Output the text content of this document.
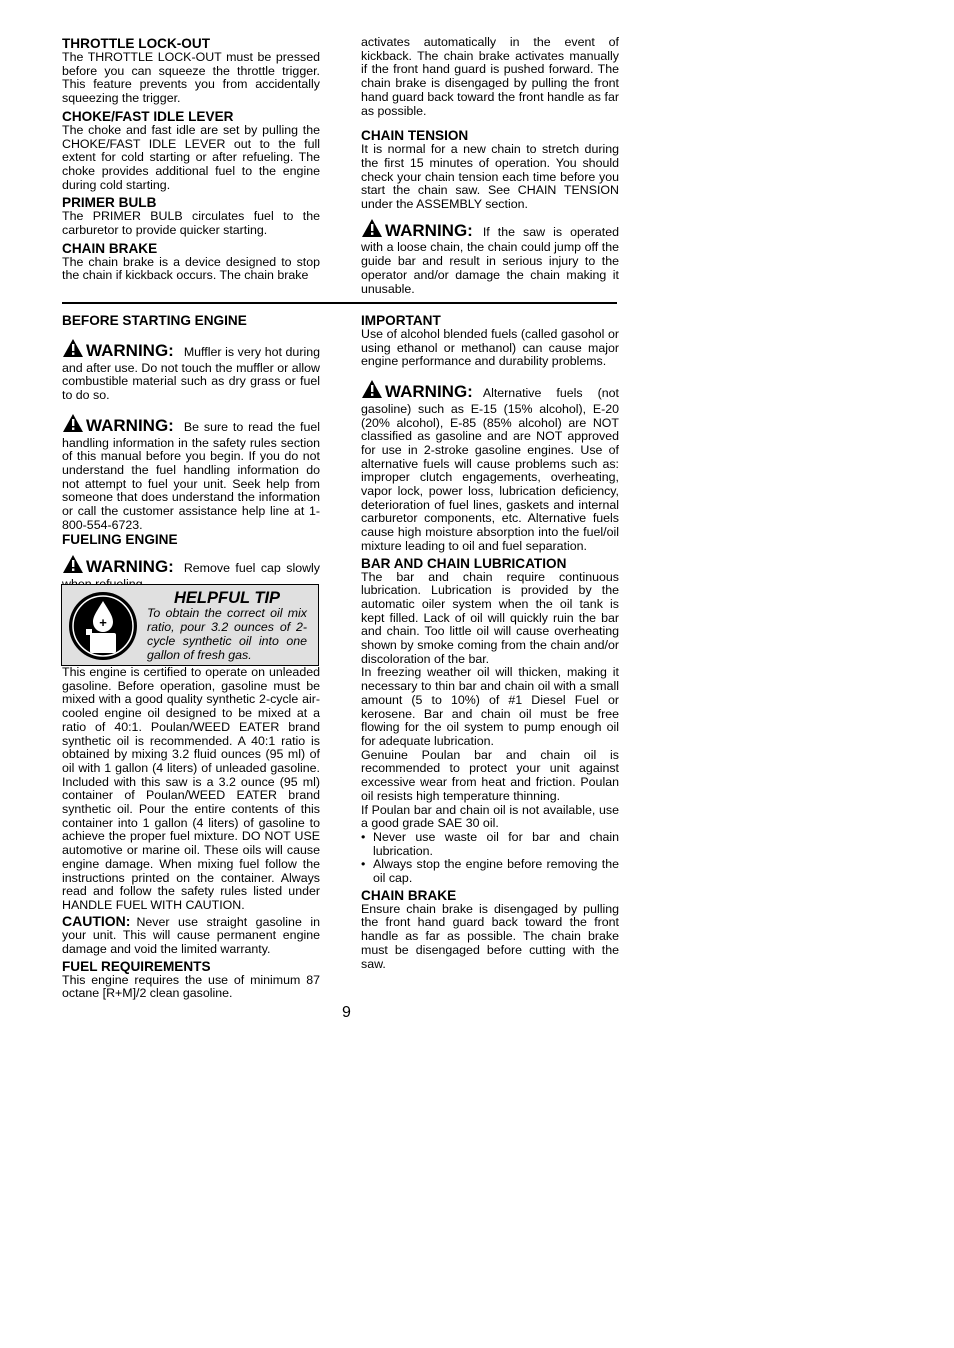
THROTTLE LOCK-OUT

The THROTTLE LOCK-OUT must be pressed before you can squeeze the throttle trigger. This feature prevents you from accidentally squeezing the trigger.

CHOKE/FAST IDLE LEVER

The choke and fast idle are set by pulling the CHOKE/FAST IDLE LEVER out to the full extent for cold starting or after refueling. The choke provides additional fuel to the engine during cold starting.

PRIMER BULB

The PRIMER BULB circulates fuel to the carburetor to provide quicker starting.

CHAIN BRAKE

The chain brake is a device designed to stop the chain if kickback occurs. The chain brake

activates automatically in the event of kickback. The chain brake activates manually if the front hand guard is pushed forward. The chain brake is disengaged by pulling the front hand guard back toward the front handle as far as possible.

CHAIN TENSION

It is normal for a new chain to stretch during the first 15 minutes of operation. You should check your chain tension each time before you start the chain saw. See CHAIN TENSION under the ASSEMBLY section.

WARNING: If the saw is operated with a loose chain, the chain could jump off the guide bar and result in serious injury to the operator and/or damage the chain making it unusable.

BEFORE STARTING ENGINE

WARNING: Muffler is very hot during and after use. Do not touch the muffler or allow combustible material such as dry grass or fuel to do so.

WARNING: Be sure to read the fuel handling information in the safety rules section of this manual before you begin. If you do not understand the fuel handling information do not attempt to fuel your unit. Seek help from someone that does understand the information or call the customer assistance help line at 1-800-554-6723.

FUELING ENGINE

WARNING: Remove fuel cap slowly

+
HELPFUL TIP
To obtain the correct oil mix ratio, pour 3.2 ounces of 2-cycle synthetic oil into one gallon of fresh gas.

This engine is certified to operate on unleaded gasoline. Before operation, gasoline must be mixed with a good quality synthetic 2-cycle air-cooled engine oil designed to be mixed at a ratio of 40:1. Poulan/WEED EATER brand synthetic oil is recommended. A 40:1 ratio is obtained by mixing 3.2 fluid ounces (95 ml) of oil with 1 gallon (4 liters) of unleaded gasoline. Included with this saw is a 3.2 ounce (95 ml) container of Poulan/WEED EATER brand synthetic oil. Pour the entire contents of this container into 1 gallon (4 liters) of gasoline to achieve the proper fuel mixture. DO NOT USE automotive or marine oil. These oils will cause engine damage. When mixing fuel follow the instructions printed on the container. Always read and follow the safety rules listed under HANDLE FUEL WITH CAUTION.

CAUTION: Never use straight gasoline in your unit. This will cause permanent engine damage and void the limited warranty.

FUEL REQUIREMENTS

This engine requires the use of minimum 87 octane [R+M]/2 clean gasoline.

IMPORTANT

Use of alcohol blended fuels (called gasohol or using ethanol or methanol) can cause major engine performance and durability problems.

WARNING: Alternative fuels (not gasoline) such as E-15 (15% alcohol), E-20 (20% alcohol), E-85 (85% alcohol) are NOT classified as gasoline and are NOT approved for use in 2-stroke gasoline engines. Use of alternative fuels will cause problems such as: improper clutch engagements, overheating, vapor lock, power loss, lubrication deficiency, deterioration of fuel lines, gaskets and internal carburetor components, etc. Alternative fuels cause high moisture absorption into the fuel/oil mixture leading to oil and fuel separation.

BAR AND CHAIN LUBRICATION

The bar and chain require continuous lubrication. Lubrication is provided by the automatic oiler system when the oil tank is kept filled. Lack of oil will quickly ruin the bar and chain. Too little oil will cause overheating shown by smoke coming from the chain and/or discoloration of the bar.

In freezing weather oil will thicken, making it necessary to thin bar and chain oil with a small amount (5 to 10%) of #1 Diesel Fuel or kerosene. Bar and chain oil must be free flowing for the oil system to pump enough oil for adequate lubrication.

Genuine Poulan bar and chain oil is recommended to protect your unit against excessive wear from heat and friction. Poulan oil resists high temperature thinning.

If Poulan bar and chain oil is not available, use a good grade SAE 30 oil.

• Never use waste oil for bar and chain lubrication.
• Always stop the engine before removing the oil cap.
CHAIN BRAKE

Ensure chain brake is disengaged by pulling the front hand guard back toward the front handle as far as possible. The chain brake must be disengaged before cutting with the saw.

9
